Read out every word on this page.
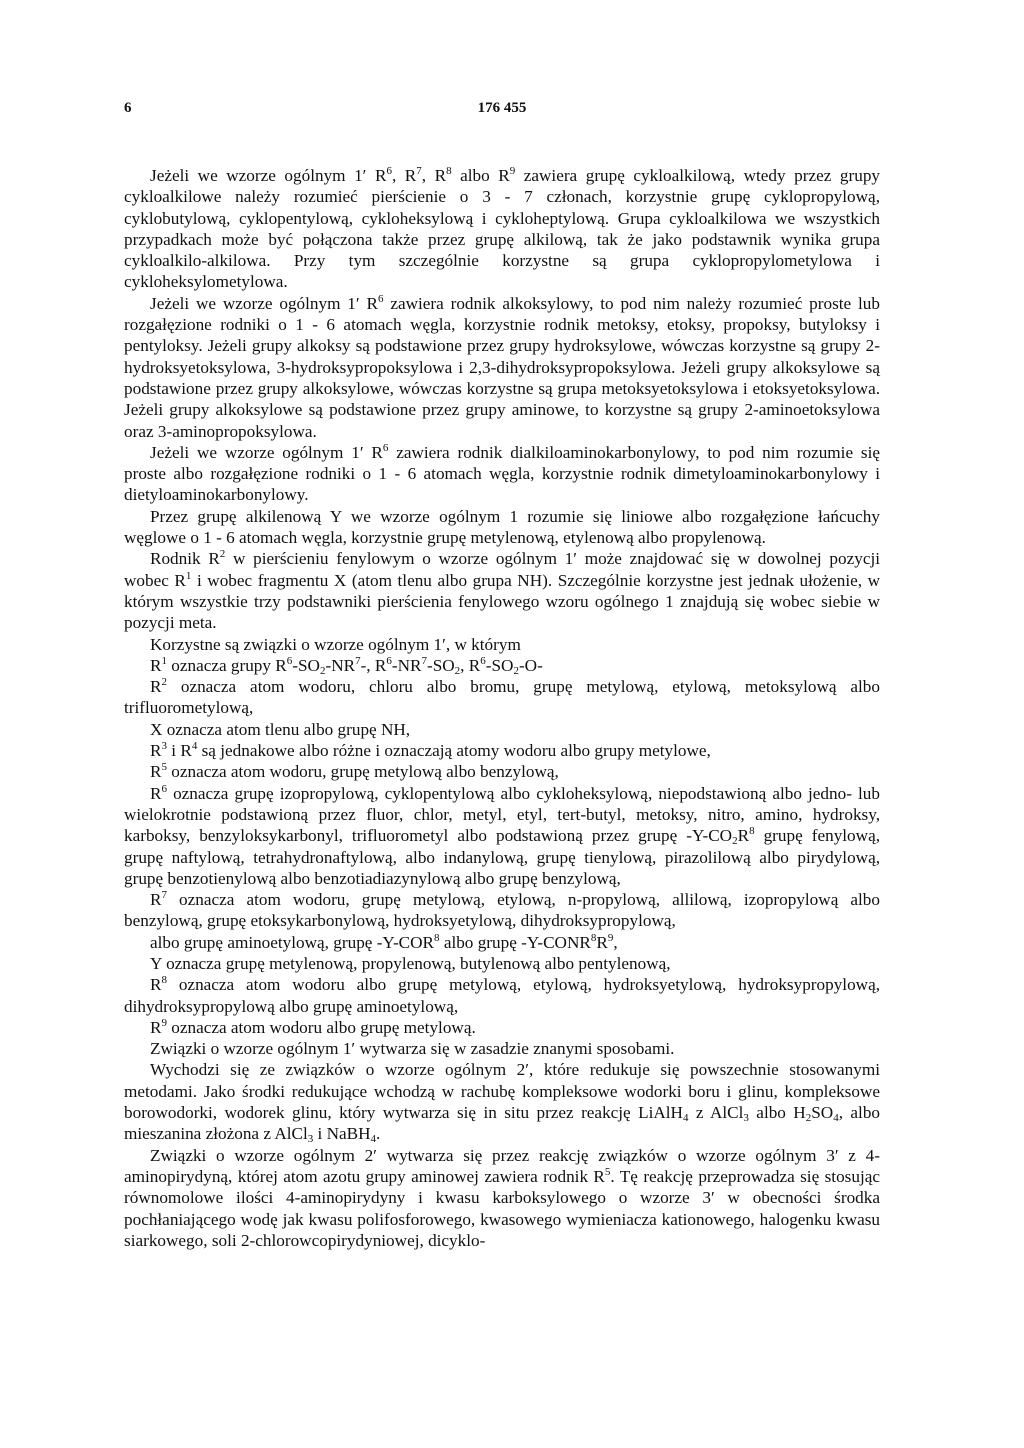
6	176 455

Jeżeli we wzorze ogólnym 1′ $R^6$, $R^7$, $R^8$ albo $R^9$ zawiera grupę cykloalkilową, wtedy przez grupy cykloalkilowe należy rozumieć pierścienie o 3 - 7 członach, korzystnie grupę cyklopropylową, cyklobutylową, cyklopentylową, cykloheksylową i cykloheptylową. Grupa cykloalkilowa we wszystkich przypadkach może być połączona także przez grupę alkilową, tak że jako podstawnik wynika grupa cykloalkilo-alkilowa. Przy tym szczególnie korzystne są grupa cyklopropylometylowa i cykloheksylometylowa.

Jeżeli we wzorze ogólnym 1′ $R^6$ zawiera rodnik alkoksylowy, to pod nim należy rozumieć proste lub rozgałęzione rodniki o 1 - 6 atomach węgla, korzystnie rodnik metoksy, etoksy, propoksy, butyloksy i pentyloksy. Jeżeli grupy alkoksy są podstawione przez grupy hydroksylowe, wówczas korzystne są grupy 2-hydroksyetoksylowa, 3-hydroksypropoksylowa i 2,3-dihydroksypropoksylowa. Jeżeli grupy alkoksylowe są podstawione przez grupy alkoksylowe, wówczas korzystne są grupa metoksyetoksylowa i etoksyetoksylowa. Jeżeli grupy alkoksylowe są podstawione przez grupy aminowe, to korzystne są grupy 2-aminoetoksylowa oraz 3-aminopropoksylowa.

Jeżeli we wzorze ogólnym 1′ $R^6$ zawiera rodnik dialkiloaminokarbonylowy, to pod nim rozumie się proste albo rozgałęzione rodniki o 1 - 6 atomach węgla, korzystnie rodnik dimetyloaminokarbonylowy i dietyloaminokarbonylowy.

Przez grupę alkilenową Y we wzorze ogólnym 1 rozumie się liniowe albo rozgałęzione łańcuchy węglowe o 1 - 6 atomach węgla, korzystnie grupę metylenową, etylenową albo propylenową.

Rodnik $R^2$ w pierścieniu fenylowym o wzorze ogólnym 1′ może znajdować się w dowolnej pozycji wobec $R^1$ i wobec fragmentu X (atom tlenu albo grupa NH). Szczególnie korzystne jest jednak ułożenie, w którym wszystkie trzy podstawniki pierścienia fenylowego wzoru ogólnego 1 znajdują się wobec siebie w pozycji meta.

Korzystne są związki o wzorze ogólnym 1′, w którym

$R^1$ oznacza grupy $R^6-SO_2-NR^7-$, $R^6-NR^7-SO_2$, $R^6-SO_2-O-$

$R^2$ oznacza atom wodoru, chloru albo bromu, grupę metylową, etylową, metoksylową albo trifluorometylową,

X oznacza atom tlenu albo grupę NH,

$R^3$ i $R^4$ są jednakowe albo różne i oznaczają atomy wodoru albo grupy metylowe,

$R^5$ oznacza atom wodoru, grupę metylową albo benzylową,

$R^6$ oznacza grupę izopropylową, cyklopentylową albo cykloheksylową, niepodstawioną albo jedno- lub wielokrotnie podstawioną przez fluor, chlor, metyl, etyl, tert-butyl, metoksy, nitro, amino, hydroksy, karboksy, benzyloksykarbonyl, trifluorometyl albo podstawioną przez grupę $-Y-CO_2R^8$ grupę fenylową, grupę naftylową, tetrahydronaftylową, albo indanylową, grupę tienylową, pirazolilową albo pirydylową, grupę benzotienylową albo benzotiadiazynylową albo grupę benzylową,

$R^7$ oznacza atom wodoru, grupę metylową, etylową, n-propylową, allilową, izopropylową albo benzylową, grupę etoksykarbonylową, hydroksyetylową, dihydroksypropylową,

albo grupę aminoetylową, grupę -Y-COR$^8$ albo grupę $-Y-CONR^8R^9$,

Y oznacza grupę metylenową, propylenową, butylenową albo pentylenową,

$R^8$ oznacza atom wodoru albo grupę metylową, etylową, hydroksyetylową, hydroksypropylową, dihydroksypropylową albo grupę aminoetylową,

$R^9$ oznacza atom wodoru albo grupę metylową.

Związki o wzorze ogólnym 1′ wytwarza się w zasadzie znanymi sposobami.

Wychodzi się ze związków o wzorze ogólnym 2′, które redukuje się powszechnie stosowanymi metodami. Jako środki redukujące wchodzą w rachubę kompleksowe wodorki boru i glinu, kompleksowe borowodorki, wodorek glinu, który wytwarza się in situ przez reakcję LiAlH$_4$ z AlCl$_3$ albo $H_2SO_4$, albo mieszanina złożona z AlCl$_3$ i NaBH$_4$.

Związki o wzorze ogólnym 2′ wytwarza się przez reakcję związków o wzorze ogólnym 3′ z 4-aminopirydyną, której atom azotu grupy aminowej zawiera rodnik $R^5$. Tę reakcję przeprowadza się stosując równomolowe ilości 4-aminopirydyny i kwasu karboksylowego o wzorze 3′ w obecności środka pochłaniającego wodę jak kwasu polifosforowego, kwasowego wymieniacza kationowego, halogenku kwasu siarkowego, soli 2-chlorowcopirydyniowej, dicyklo-
